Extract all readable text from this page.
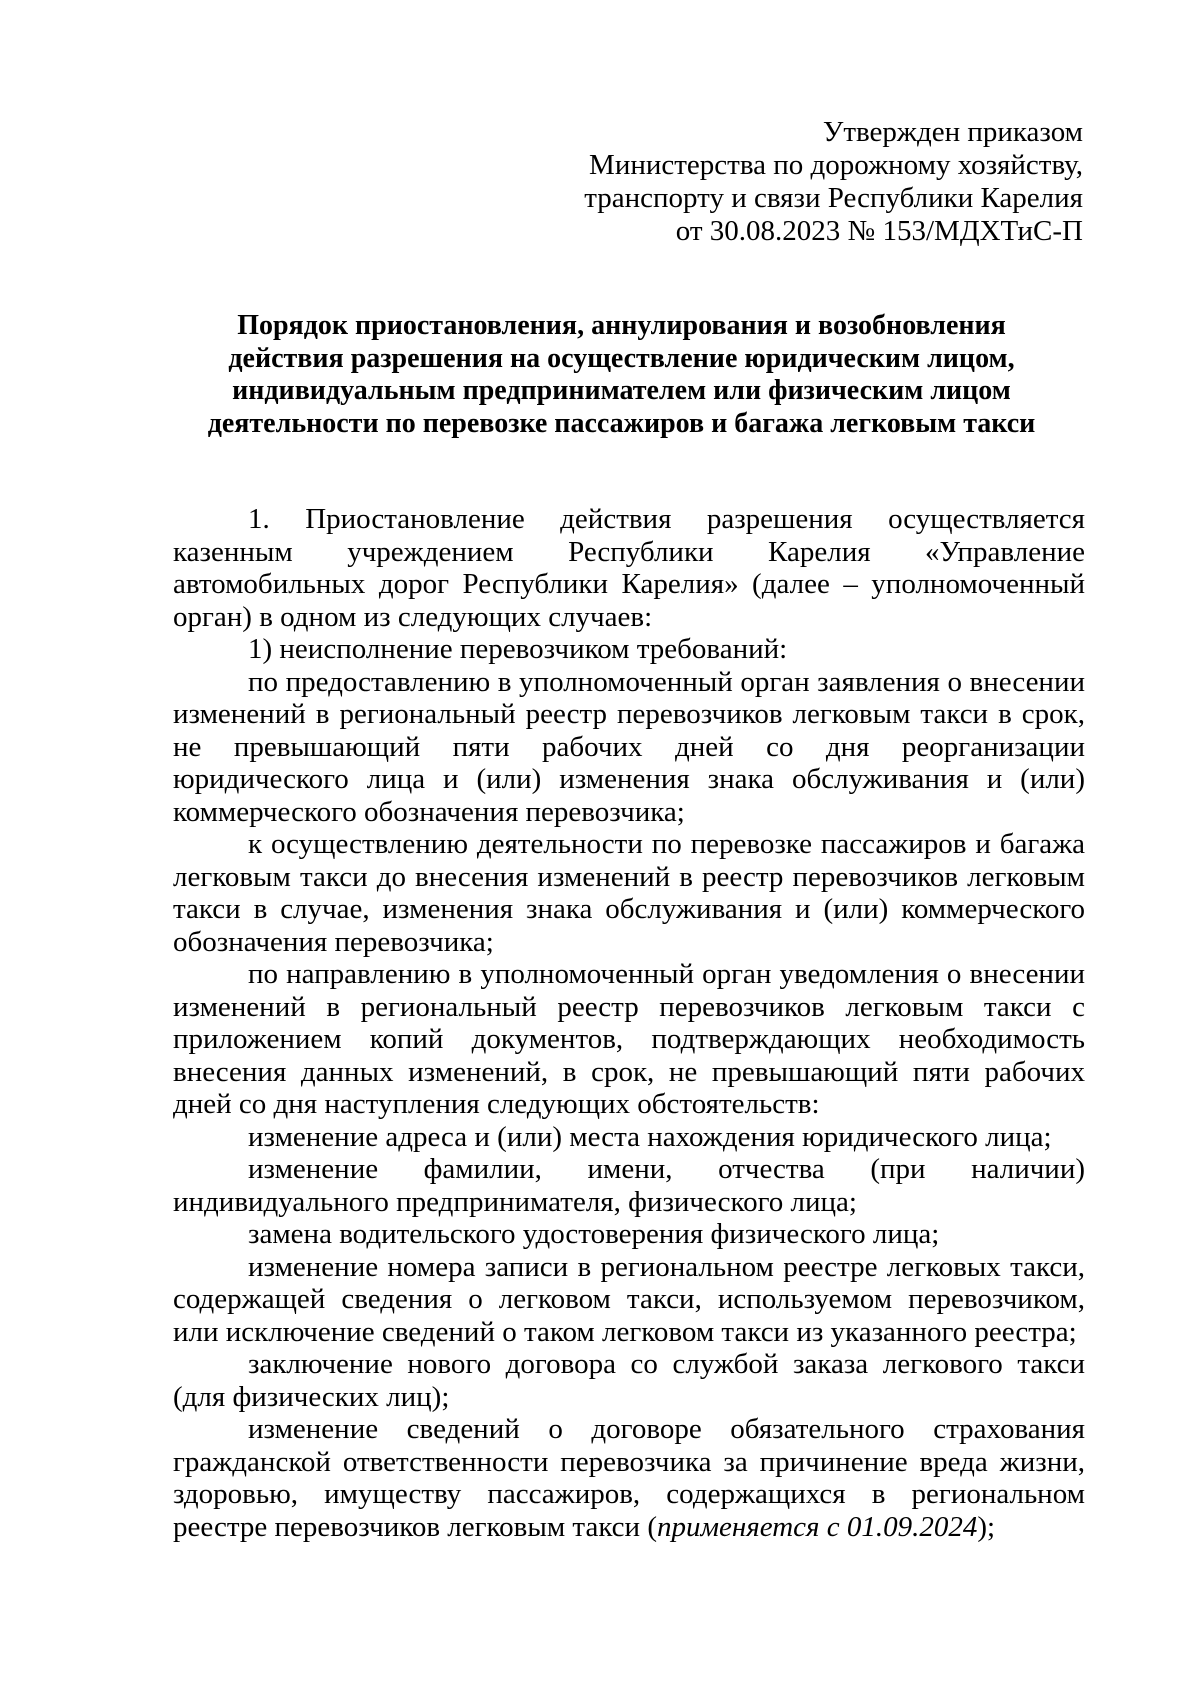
Утвержден приказом
Министерства по дорожному хозяйству,
транспорту и связи Республики Карелия
от 30.08.2023 № 153/МДХТиС-П
Порядок приостановления, аннулирования и возобновления
действия разрешения на осуществление юридическим лицом,
индивидуальным предпринимателем или физическим лицом
деятельности по перевозке пассажиров и багажа легковым такси

1. Приостановление действия разрешения осуществляется казенным учреждением Республики Карелия «Управление автомобильных дорог Республики Карелия» (далее – уполномоченный орган) в одном из следующих случаев:

1) неисполнение перевозчиком требований:

по предоставлению в уполномоченный орган заявления о внесении изменений в региональный реестр перевозчиков легковым такси в срок, не превышающий пяти рабочих дней со дня реорганизации юридического лица и (или) изменения знака обслуживания и (или) коммерческого обозначения перевозчика;

к осуществлению деятельности по перевозке пассажиров и багажа легковым такси до внесения изменений в реестр перевозчиков легковым такси в случае, изменения знака обслуживания и (или) коммерческого обозначения перевозчика;

по направлению в уполномоченный орган уведомления о внесении изменений в региональный реестр перевозчиков легковым такси с приложением копий документов, подтверждающих необходимость внесения данных изменений, в срок, не превышающий пяти рабочих дней со дня наступления следующих обстоятельств:

изменение адреса и (или) места нахождения юридического лица;

изменение фамилии, имени, отчества (при наличии) индивидуального предпринимателя, физического лица;

замена водительского удостоверения физического лица;

изменение номера записи в региональном реестре легковых такси, содержащей сведения о легковом такси, используемом перевозчиком, или исключение сведений о таком легковом такси из указанного реестра;

заключение нового договора со службой заказа легкового такси (для физических лиц);

изменение сведений о договоре обязательного страхования гражданской ответственности перевозчика за причинение вреда жизни, здоровью, имуществу пассажиров, содержащихся в региональном реестре перевозчиков легковым такси (применяется с 01.09.2024);
